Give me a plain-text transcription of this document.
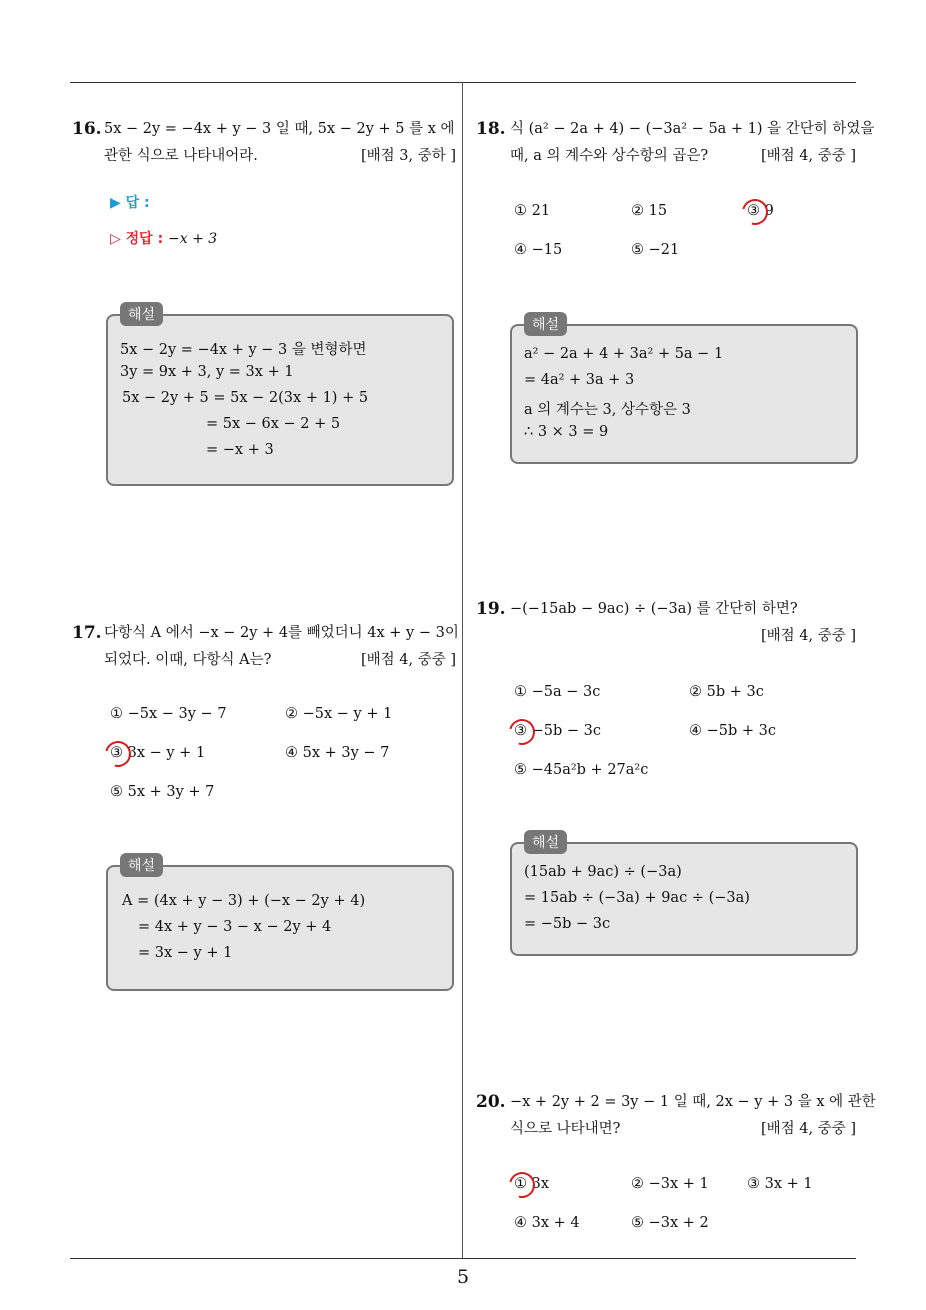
5
16. 5x − 2y = −4x + y − 3 일 때, 5x − 2y + 5 를 x 에
관한 식으로 나타내어라.	[배점 3, 중하 ]
▶ 답 :
▷ 정답 : −x + 3
해설
5x − 2y = −4x + y − 3 을 변형하면
3y = 9x + 3, y = 3x + 1
5x − 2y + 5 = 5x − 2(3x + 1) + 5
= 5x − 6x − 2 + 5
= −x + 3
17. 다항식 A 에서 −x − 2y + 4를 빼었더니 4x + y − 3이
되었다. 이때, 다항식 A는?	[배점 4, 중중 ]
① −5x − 3y − 7	② −5x − y + 1
③ 3x − y + 1	④ 5x + 3y − 7
⑤ 5x + 3y + 7
해설
A = (4x + y − 3) + (−x − 2y + 4)
= 4x + y − 3 − x − 2y + 4
= 3x − y + 1
18. 식 (a² − 2a + 4) − (−3a² − 5a + 1) 을 간단히 하였을
때, a 의 계수와 상수항의 곱은?	[배점 4, 중중 ]
① 21	② 15	③ 9
④ −15	⑤ −21
해설
a² − 2a + 4 + 3a² + 5a − 1
= 4a² + 3a + 3
a 의 계수는 3, 상수항은 3
∴ 3 × 3 = 9
19. −(−15ab − 9ac) ÷ (−3a) 를 간단히 하면?
[배점 4, 중중 ]
① −5a − 3c	② 5b + 3c
③ −5b − 3c	④ −5b + 3c
⑤ −45a²b + 27a²c
해설
(15ab + 9ac) ÷ (−3a)
= 15ab ÷ (−3a) + 9ac ÷ (−3a)
= −5b − 3c
20. −x + 2y + 2 = 3y − 1 일 때, 2x − y + 3 을 x 에 관한
식으로 나타내면?	[배점 4, 중중 ]
① 3x	② −3x + 1	③ 3x + 1
④ 3x + 4	⑤ −3x + 2
